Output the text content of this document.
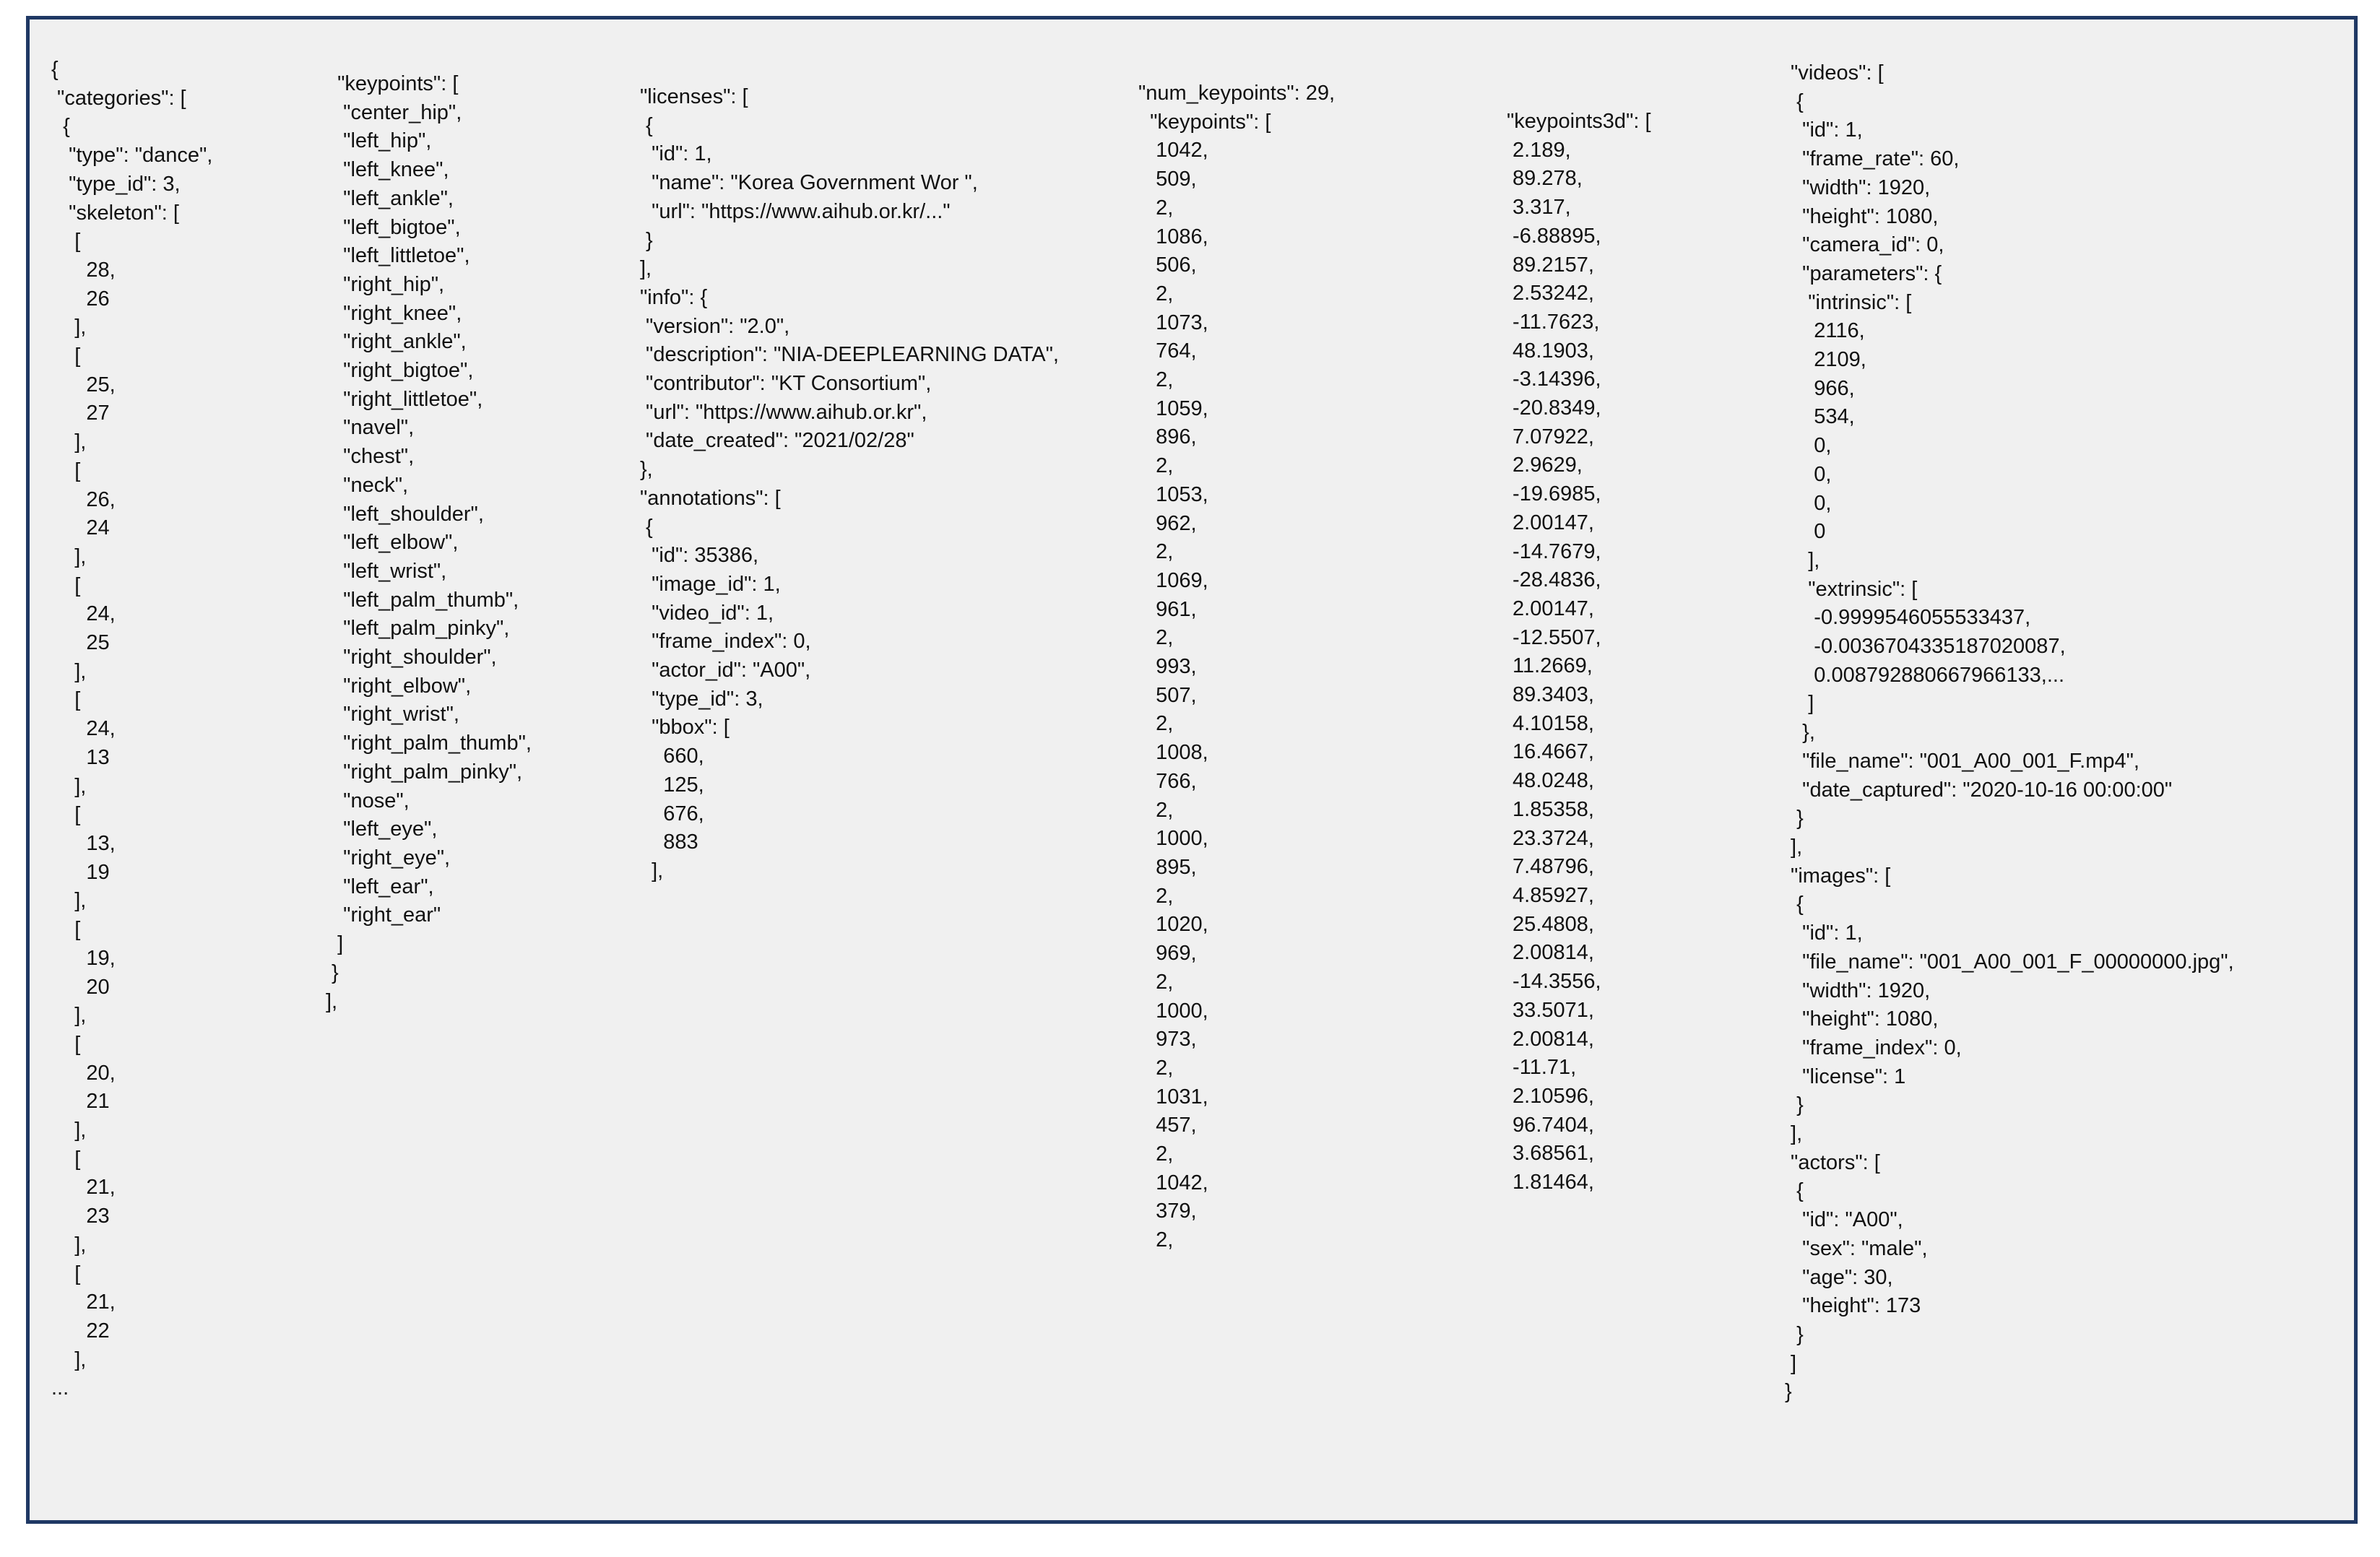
{
"categories": [
{
"type": "dance",
"type_id": 3,
"skeleton": [
[
28,
26
],
[
25,
27
],
[
26,
24
],
[
24,
25
],
[
24,
13
],
[
13,
19
],
[
19,
20
],
[
20,
21
],
[
21,
23
],
[
21,
22
],
...

"keypoints": [
"center_hip",
"left_hip",
"left_knee",
"left_ankle",
"left_bigtoe",
"left_littletoe",
"right_hip",
"right_knee",
"right_ankle",
"right_bigtoe",
"right_littletoe",
"navel",
"chest",
"neck",
"left_shoulder",
"left_elbow",
"left_wrist",
"left_palm_thumb",
"left_palm_pinky",
"right_shoulder",
"right_elbow",
"right_wrist",
"right_palm_thumb",
"right_palm_pinky",
"nose",
"left_eye",
"right_eye",
"left_ear",
"right_ear"
]
}
],

"licenses": [
{
"id": 1,
"name": "Korea Government Wor ",
"url": "https://www.aihub.or.kr/..."
}
],
"info": {
"version": "2.0",
"description": "NIA-DEEPLEARNING DATA",
"contributor": "KT Consortium",
"url": "https://www.aihub.or.kr",
"date_created": "2021/02/28"
},
"annotations": [
{
"id": 35386,
"image_id": 1,
"video_id": 1,
"frame_index": 0,
"actor_id": "A00",
"type_id": 3,
"bbox": [
660,
125,
676,
883
],

"num_keypoints": 29,
"keypoints": [
1042,
509,
2,
1086,
506,
2,
1073,
764,
2,
1059,
896,
2,
1053,
962,
2,
1069,
961,
2,
993,
507,
2,
1008,
766,
2,
1000,
895,
2,
1020,
969,
2,
1000,
973,
2,
1031,
457,
2,
1042,
379,
2,

"keypoints3d": [
2.189,
89.278,
3.317,
-6.88895,
89.2157,
2.53242,
-11.7623,
48.1903,
-3.14396,
-20.8349,
7.07922,
2.9629,
-19.6985,
2.00147,
-14.7679,
-28.4836,
2.00147,
-12.5507,
11.2669,
89.3403,
4.10158,
16.4667,
48.0248,
1.85358,
23.3724,
7.48796,
4.85927,
25.4808,
2.00814,
-14.3556,
33.5071,
2.00814,
-11.71,
2.10596,
96.7404,
3.68561,
1.81464,

"videos": [
{
"id": 1,
"frame_rate": 60,
"width": 1920,
"height": 1080,
"camera_id": 0,
"parameters": {
"intrinsic": [
2116,
2109,
966,
534,
0,
0,
0,
0
],
"extrinsic": [
-0.9999546055533437,
-0.0036704335187020087,
0.008792880667966133,...
]
},
"file_name": "001_A00_001_F.mp4",
"date_captured": "2020-10-16 00:00:00"
}
],
"images": [
{
"id": 1,
"file_name": "001_A00_001_F_00000000.jpg",
"width": 1920,
"height": 1080,
"frame_index": 0,
"license": 1
}
],
"actors": [
{
"id": "A00",
"sex": "male",
"age": 30,
"height": 173
}
]
}
